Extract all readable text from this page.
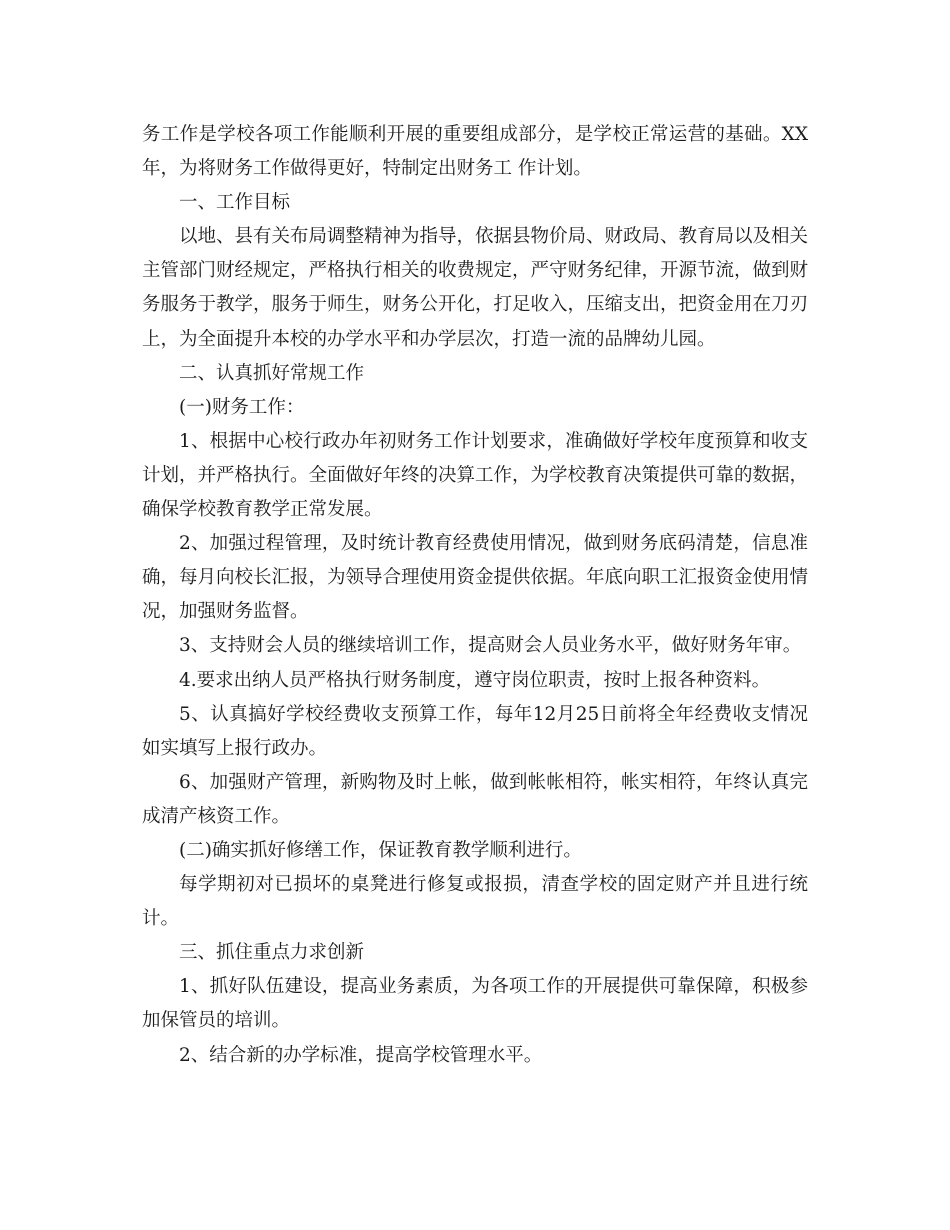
务工作是学校各项工作能顺利开展的重要组成部分，是学校正常运营的基础。XX年，为将财务工作做得更好，特制定出财务工 作计划。

一、工作目标

以地、县有关布局调整精神为指导，依据县物价局、财政局、教育局以及相关主管部门财经规定，严格执行相关的收费规定，严守财务纪律，开源节流，做到财务服务于教学，服务于师生，财务公开化，打足收入，压缩支出，把资金用在刀刃上，为全面提升本校的办学水平和办学层次，打造一流的品牌幼儿园。

二、认真抓好常规工作

(一)财务工作：

1、根据中心校行政办年初财务工作计划要求，准确做好学校年度预算和收支计划，并严格执行。全面做好年终的决算工作，为学校教育决策提供可靠的数据，确保学校教育教学正常发展。

2、加强过程管理，及时统计教育经费使用情况，做到财务底码清楚，信息准确，每月向校长汇报，为领导合理使用资金提供依据。年底向职工汇报资金使用情况，加强财务监督。

3、支持财会人员的继续培训工作，提高财会人员业务水平，做好财务年审。

4.要求出纳人员严格执行财务制度，遵守岗位职责，按时上报各种资料。

5、认真搞好学校经费收支预算工作，每年12月25日前将全年经费收支情况如实填写上报行政办。

6、加强财产管理，新购物及时上帐，做到帐帐相符，帐实相符，年终认真完成清产核资工作。

(二)确实抓好修缮工作，保证教育教学顺利进行。

每学期初对已损坏的桌凳进行修复或报损，清查学校的固定财产并且进行统计。

三、抓住重点力求创新

1、抓好队伍建设，提高业务素质，为各项工作的开展提供可靠保障，积极参加保管员的培训。

2、结合新的办学标准，提高学校管理水平。
